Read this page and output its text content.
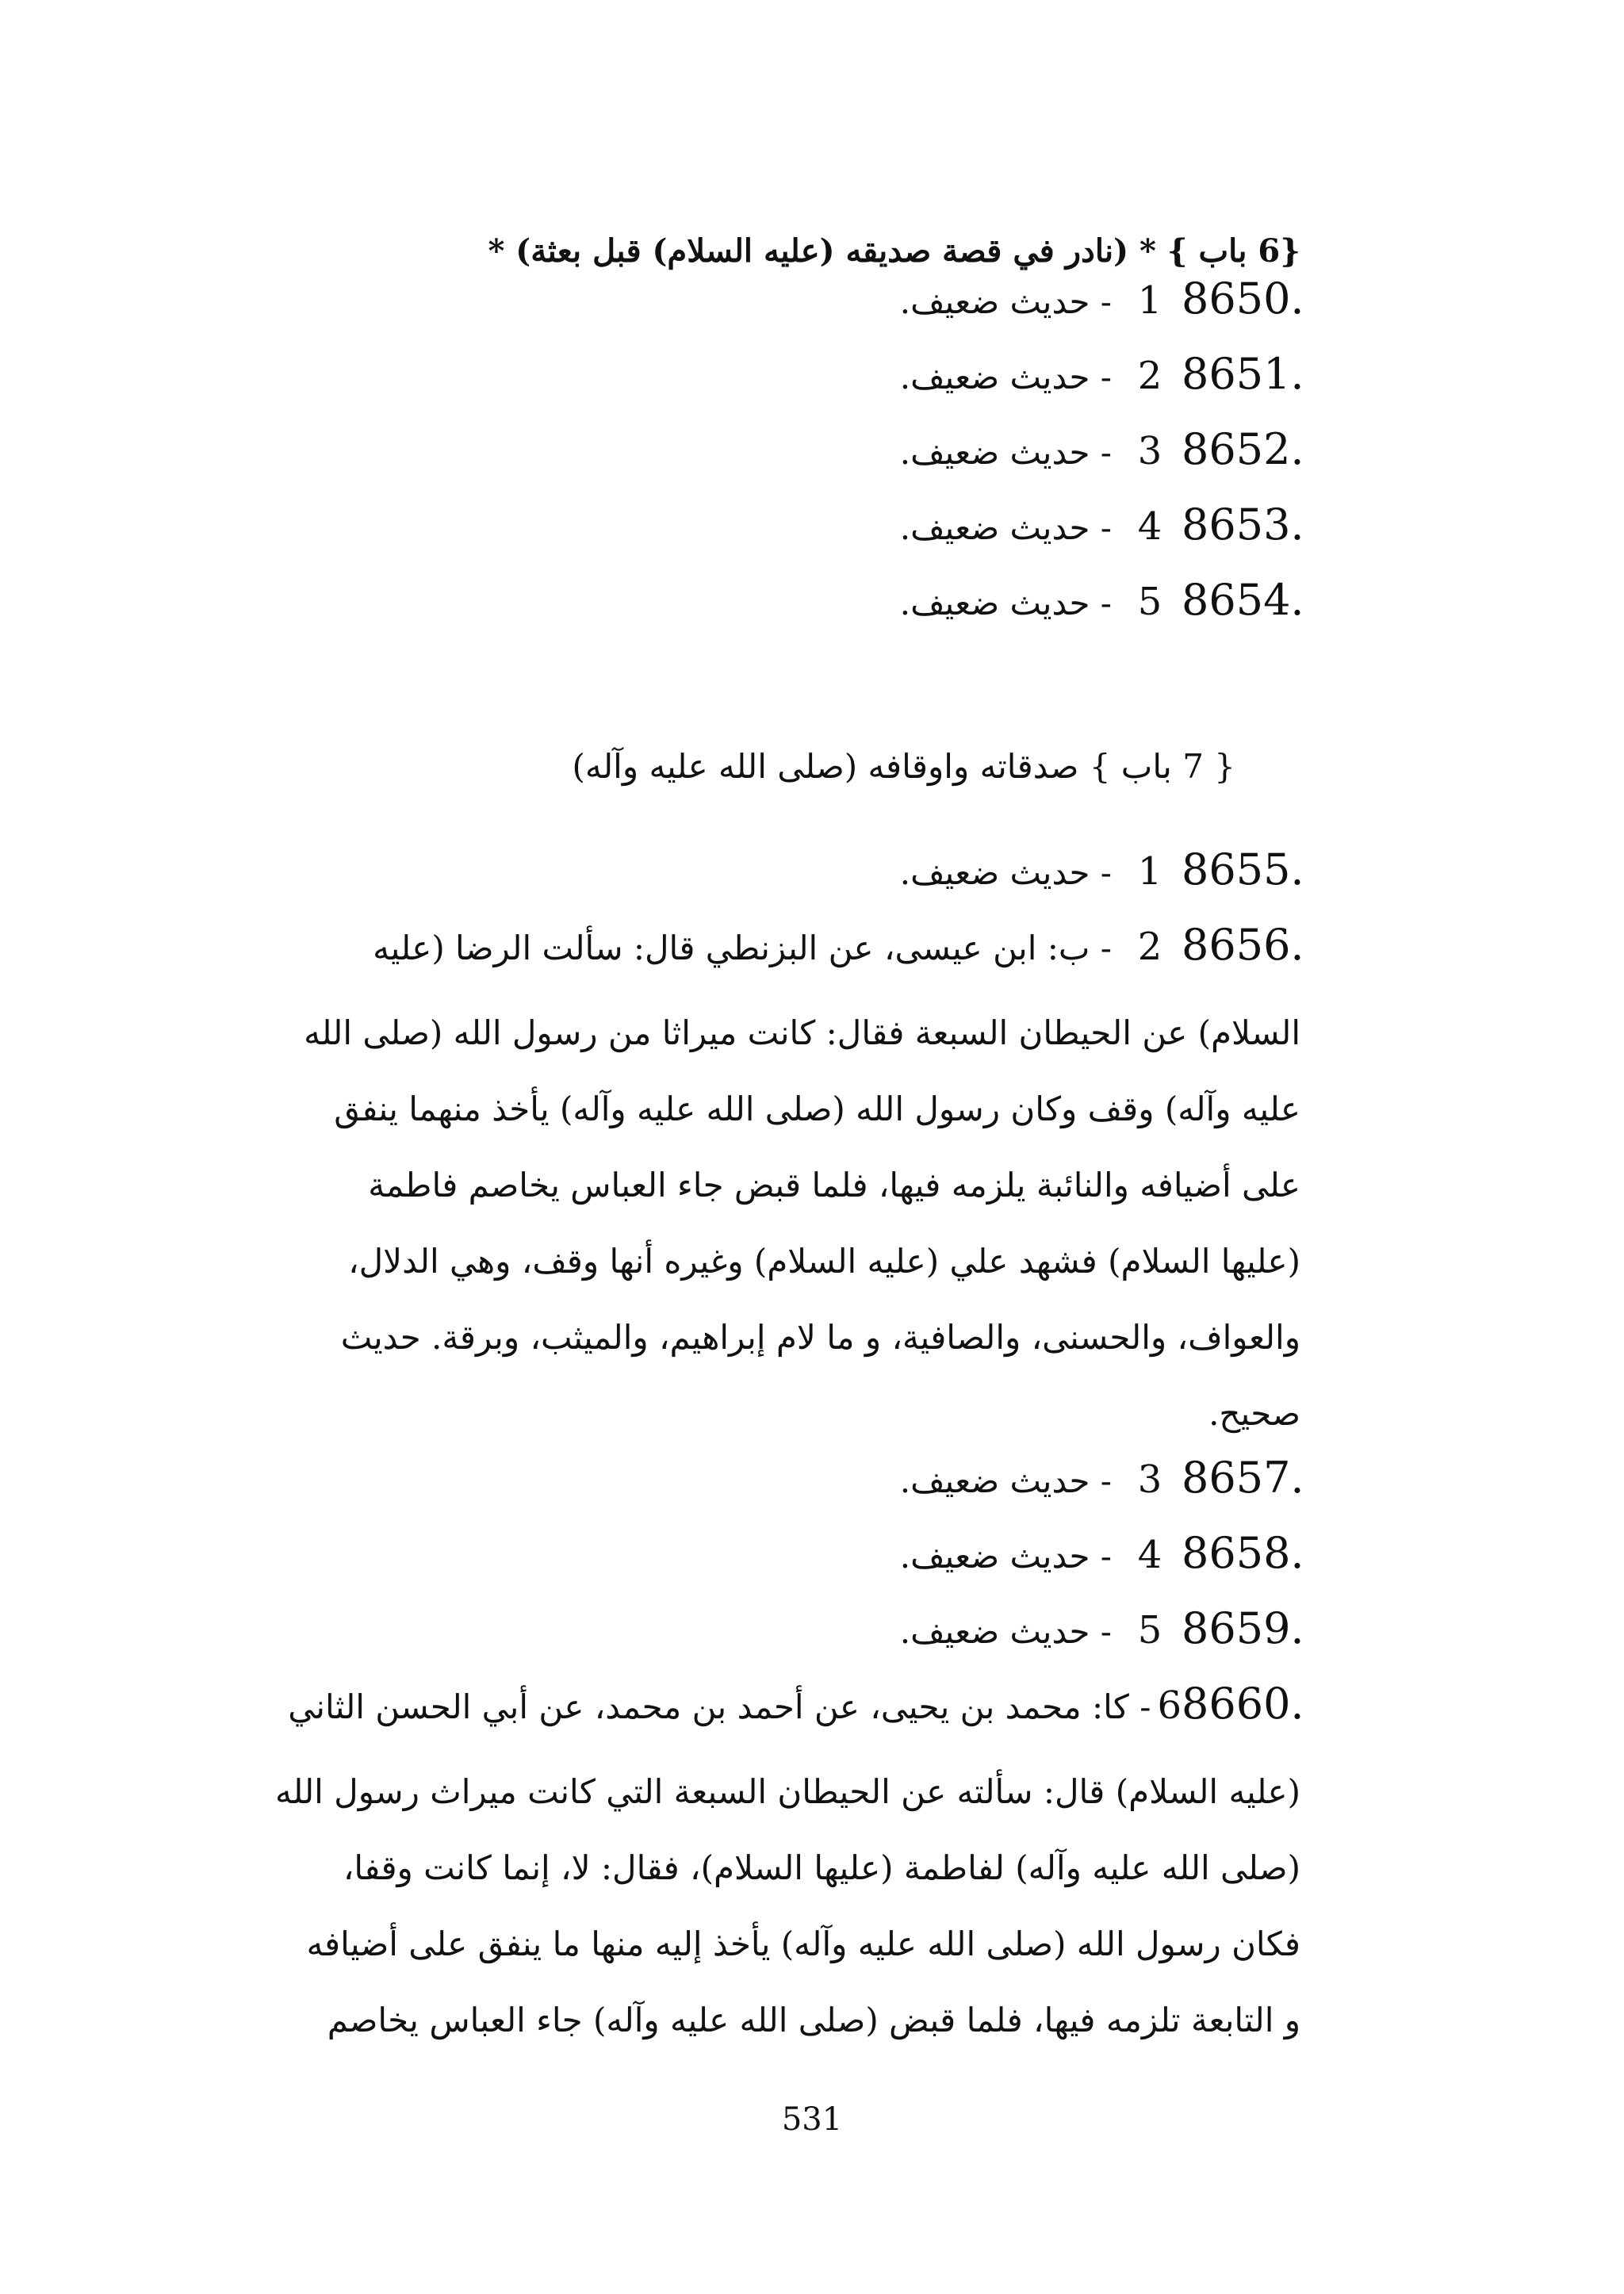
{6 باب } * (نادر في قصة صديقه (عليه السلام) قبل بعثة) *
8650.
1
- حديث ضعيف.
8651.
2
- حديث ضعيف.
8652.
3
- حديث ضعيف.
8653.
4
- حديث ضعيف.
8654.
5
- حديث ضعيف.
{ 7 باب } صدقاته واوقافه (صلى الله عليه وآله)
8655.
1
- حديث ضعيف.
8656.
2
- ب: ابن عيسى، عن البزنطي قال: سألت الرضا (عليه
السلام) عن الحيطان السبعة فقال: كانت ميراثا من رسول الله (صلى الله
عليه وآله) وقف وكان رسول الله (صلى الله عليه وآله) يأخذ منهما ينفق
على أضيافه والنائبة يلزمه فيها، فلما قبض جاء العباس يخاصم فاطمة
(عليها السلام) فشهد علي (عليه السلام) وغيره أنها وقف، وهي الدلال،
والعواف، والحسنى، والصافية، و ما لام إبراهيم، والميثب، وبرقة. حديث
صحيح.
8657.
3
- حديث ضعيف.
8658.
4
- حديث ضعيف.
8659.
5
- حديث ضعيف.
8660.
6
- كا: محمد بن يحيى، عن أحمد بن محمد، عن أبي الحسن الثاني
(عليه السلام) قال: سألته عن الحيطان السبعة التي كانت ميراث رسول الله
(صلى الله عليه وآله) لفاطمة (عليها السلام)، فقال: لا، إنما كانت وقفا،
فكان رسول الله (صلى الله عليه وآله) يأخذ إليه منها ما ينفق على أضيافه
و التابعة تلزمه فيها، فلما قبض (صلى الله عليه وآله) جاء العباس يخاصم
531
